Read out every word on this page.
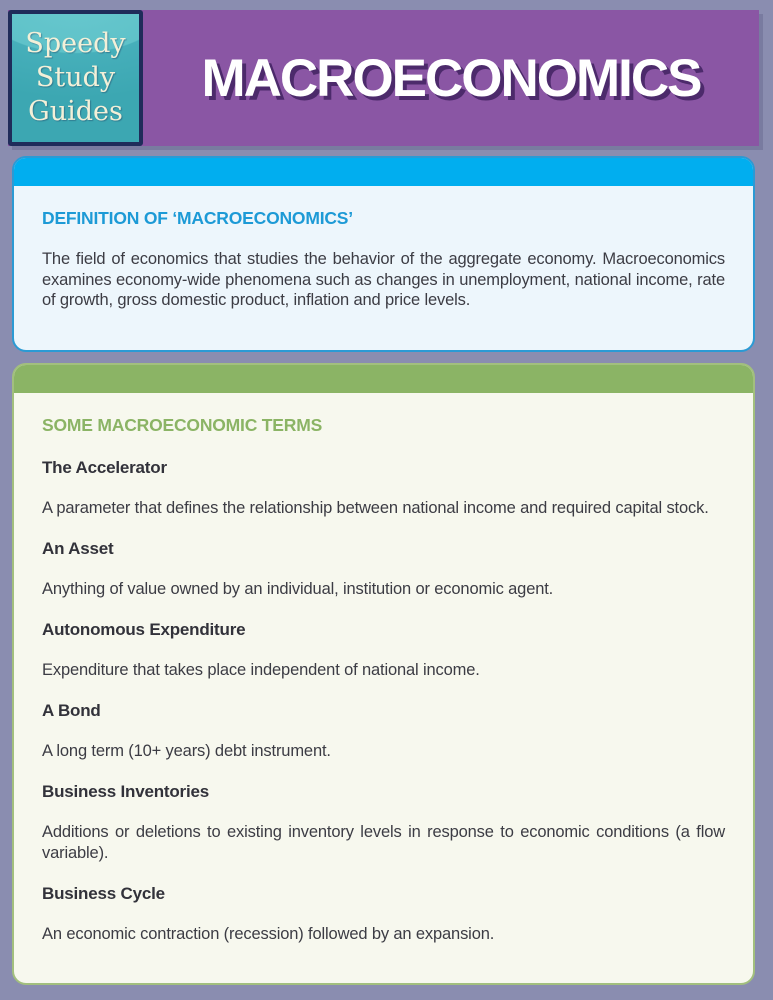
Speedy
Study
Guides
MACROECONOMICS
DEFINITION OF ‘MACROECONOMICS’

The field of economics that studies the behavior of the aggregate economy. Macroeconomics examines economy-wide phenomena such as changes in unemployment, national income, rate of growth, gross domestic product, inflation and price levels.

SOME MACROECONOMIC TERMS

The Accelerator

A parameter that defines the relationship between national income and required capital stock.

An Asset

Anything of value owned by an individual, institution or economic agent.

Autonomous Expenditure

Expenditure that takes place independent of national income.

A Bond

A long term (10+ years) debt instrument.

Business Inventories

Additions or deletions to existing inventory levels in response to economic conditions (a flow variable).

Business Cycle

An economic contraction (recession) followed by an expansion.
